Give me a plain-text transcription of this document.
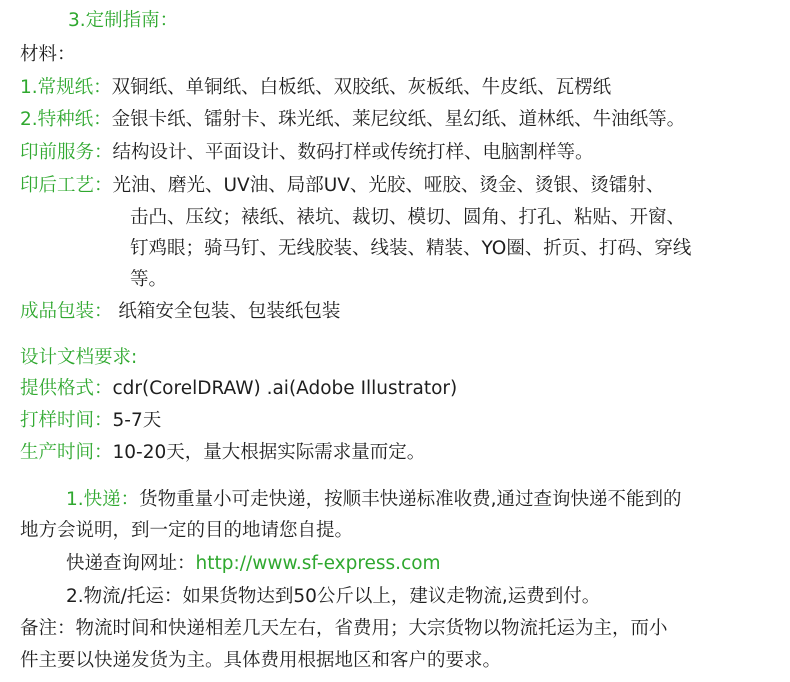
3.定制指南：
材料：
1.常规纸：双铜纸、单铜纸、白板纸、双胶纸、灰板纸、牛皮纸、瓦楞纸
2.特种纸：金银卡纸、镭射卡、珠光纸、莱尼纹纸、星幻纸、道林纸、牛油纸等。
印前服务：结构设计、平面设计、数码打样或传统打样、电脑割样等。
印后工艺：光油、磨光、UV油、局部UV、光胶、哑胶、烫金、烫银、烫镭射、
击凸、压纹；裱纸、裱坑、裁切、模切、圆角、打孔、粘贴、开窗、
钉鸡眼；骑马钉、无线胶装、线装、精装、YO圈、折页、打码、穿线
等。
成品包装： 纸箱安全包装、包装纸包装
设计文档要求:
提供格式：cdr(CorelDRAW) .ai(Adobe Illustrator)
打样时间：5-7天
生产时间：10-20天，量大根据实际需求量而定。
1.快递：货物重量小可走快递，按顺丰快递标准收费,通过查询快递不能到的
地方会说明，到一定的目的地请您自提。
快递查询网址：http://www.sf-express.com
2.物流/托运：如果货物达到50公斤以上，建议走物流,运费到付。
备注：物流时间和快递相差几天左右，省费用；大宗货物以物流托运为主，而小
件主要以快递发货为主。具体费用根据地区和客户的要求。
